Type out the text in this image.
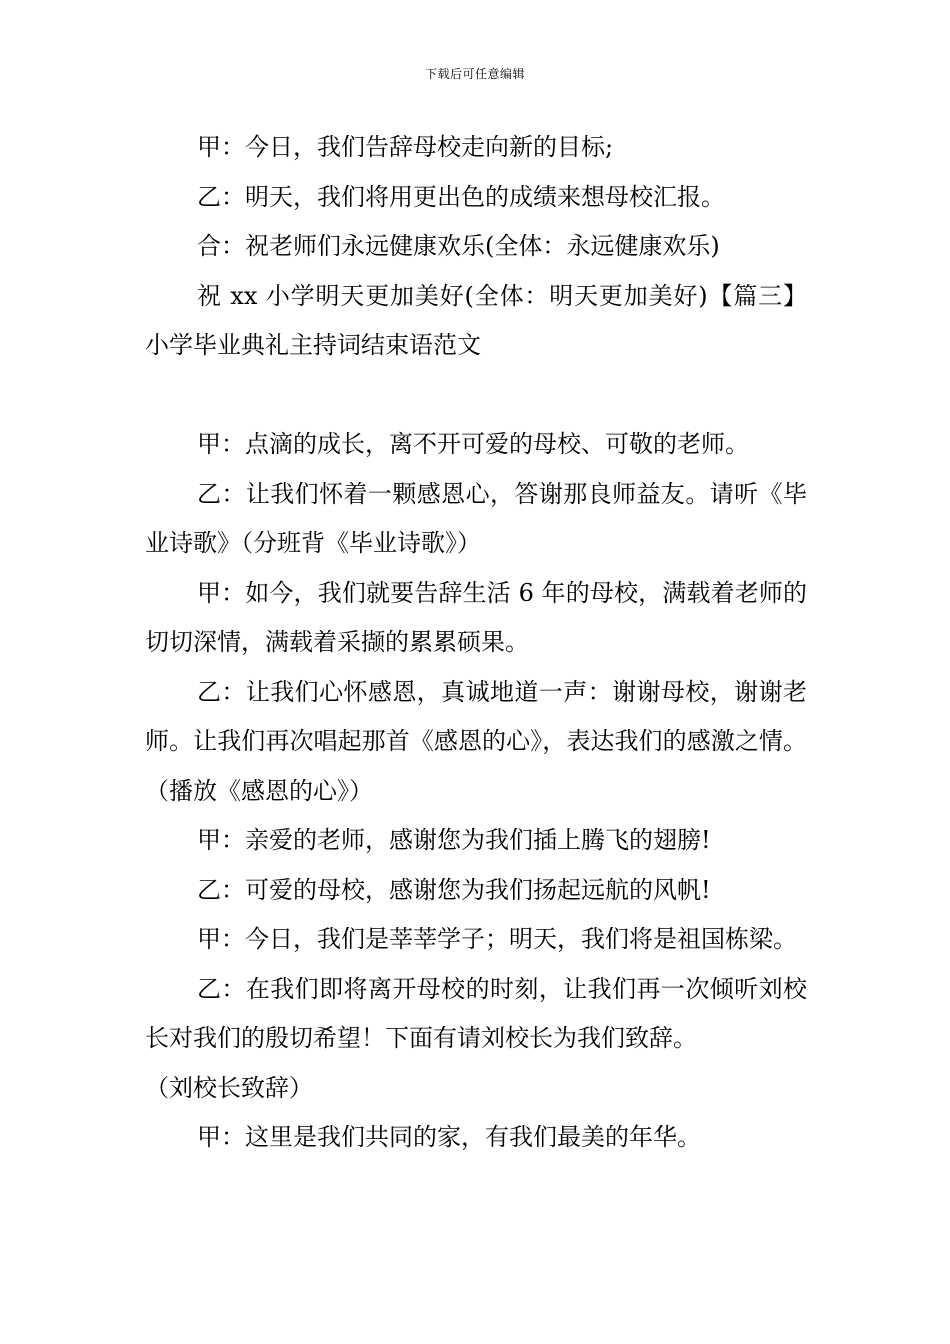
下载后可任意编辑

甲：今日，我们告辞母校走向新的目标;

乙：明天，我们将用更出色的成绩来想母校汇报。

合：祝老师们永远健康欢乐(全体：永远健康欢乐)

祝 xx 小学明天更加美好(全体：明天更加美好)【篇三】小学毕业典礼主持词结束语范文

甲：点滴的成长，离不开可爱的母校、可敬的老师。

乙：让我们怀着一颗感恩心，答谢那良师益友。请听《毕业诗歌》（分班背《毕业诗歌》）

甲：如今，我们就要告辞生活 6 年的母校，满载着老师的切切深情，满载着采撷的累累硕果。

乙：让我们心怀感恩，真诚地道一声：谢谢母校，谢谢老师。让我们再次唱起那首《感恩的心》，表达我们的感激之情。（播放《感恩的心》）

甲：亲爱的老师，感谢您为我们插上腾飞的翅膀!

乙：可爱的母校，感谢您为我们扬起远航的风帆!

甲：今日，我们是莘莘学子；明天，我们将是祖国栋梁。

乙：在我们即将离开母校的时刻，让我们再一次倾听刘校长对我们的殷切希望！下面有请刘校长为我们致辞。

（刘校长致辞）

甲：这里是我们共同的家，有我们最美的年华。
